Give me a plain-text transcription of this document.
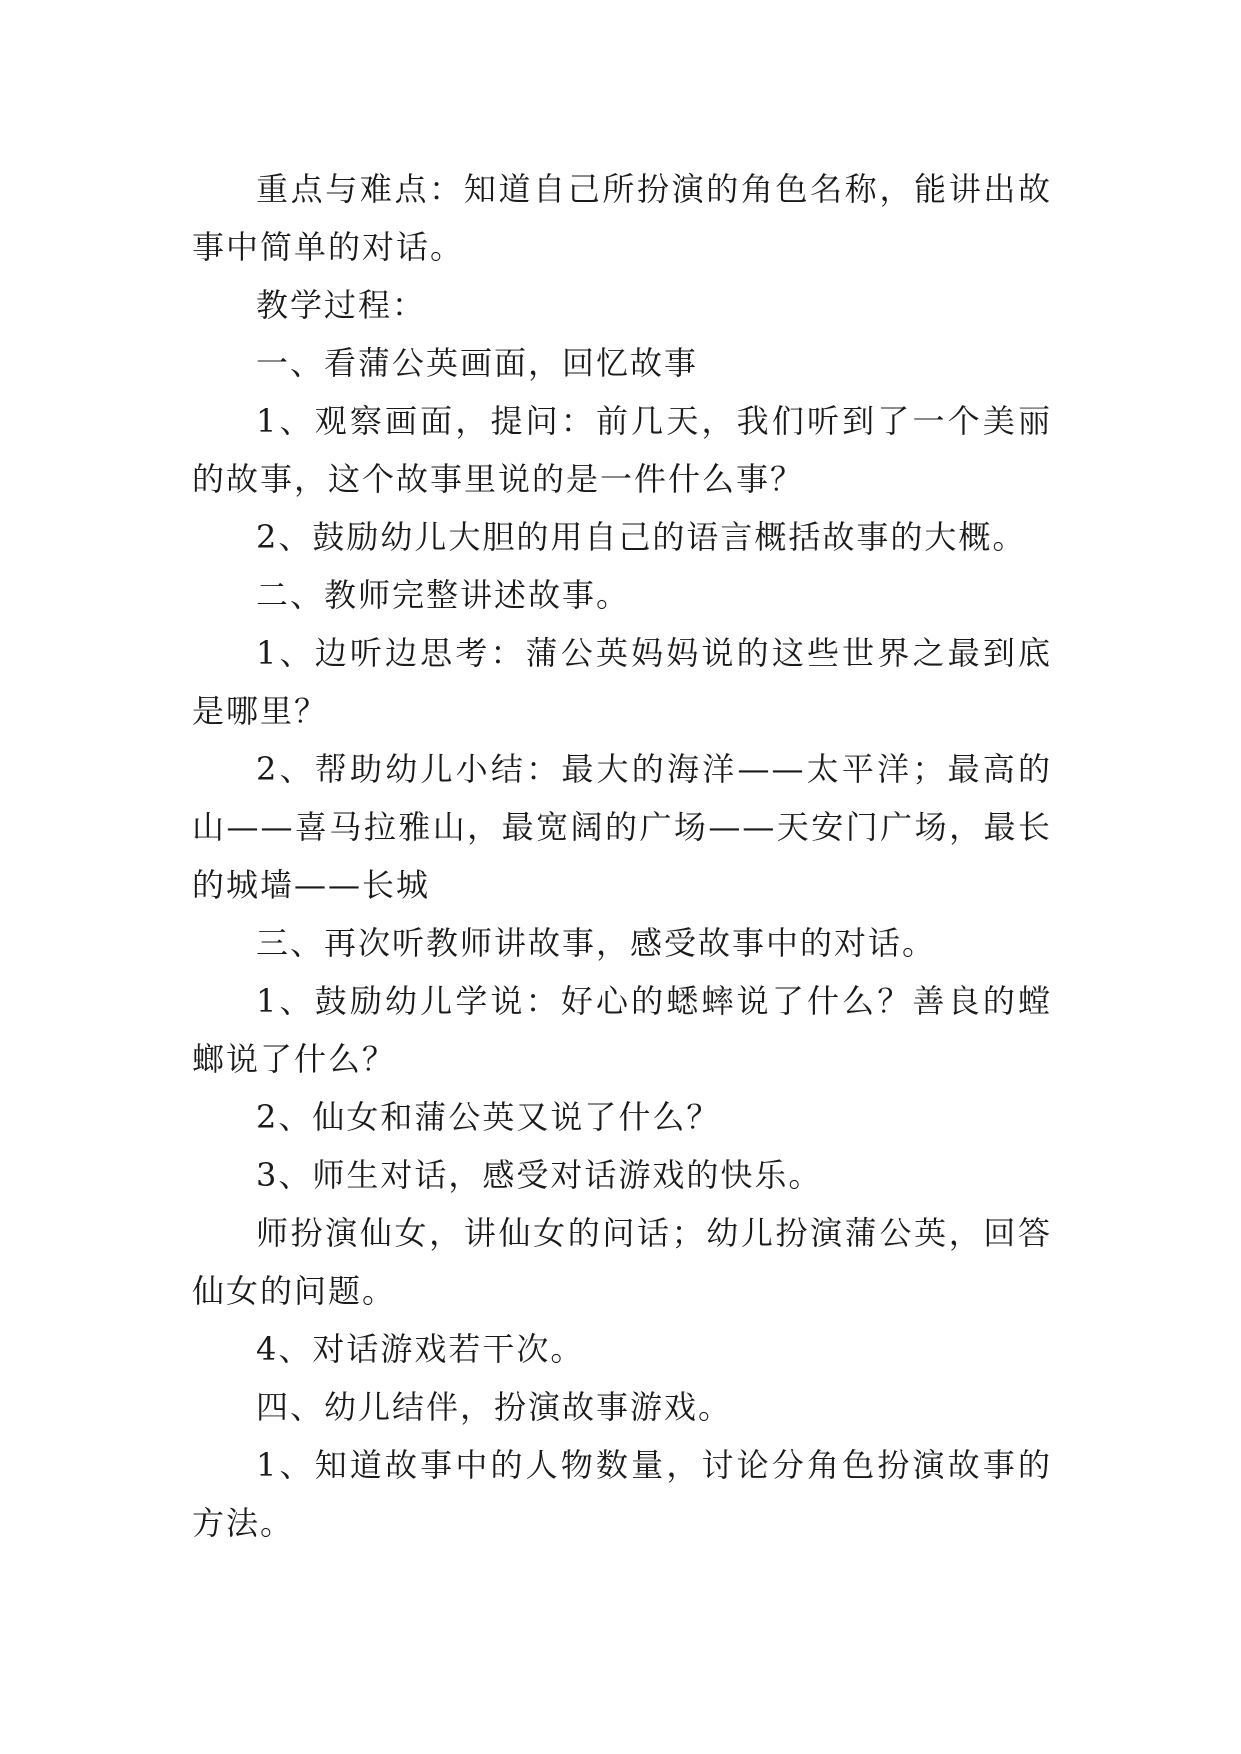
重点与难点：知道自己所扮演的角色名称，能讲出故事中简单的对话。

教学过程：

一、看蒲公英画面，回忆故事

1、观察画面，提问：前几天，我们听到了一个美丽的故事，这个故事里说的是一件什么事？

2、鼓励幼儿大胆的用自己的语言概括故事的大概。

二、教师完整讲述故事。

1、边听边思考：蒲公英妈妈说的这些世界之最到底是哪里？

2、帮助幼儿小结：最大的海洋——太平洋；最高的山——喜马拉雅山，最宽阔的广场——天安门广场，最长的城墙——长城

三、再次听教师讲故事，感受故事中的对话。

1、鼓励幼儿学说：好心的蟋蟀说了什么？善良的螳螂说了什么？

2、仙女和蒲公英又说了什么？

3、师生对话，感受对话游戏的快乐。

师扮演仙女，讲仙女的问话；幼儿扮演蒲公英，回答仙女的问题。

4、对话游戏若干次。

四、幼儿结伴，扮演故事游戏。

1、知道故事中的人物数量，讨论分角色扮演故事的方法。
